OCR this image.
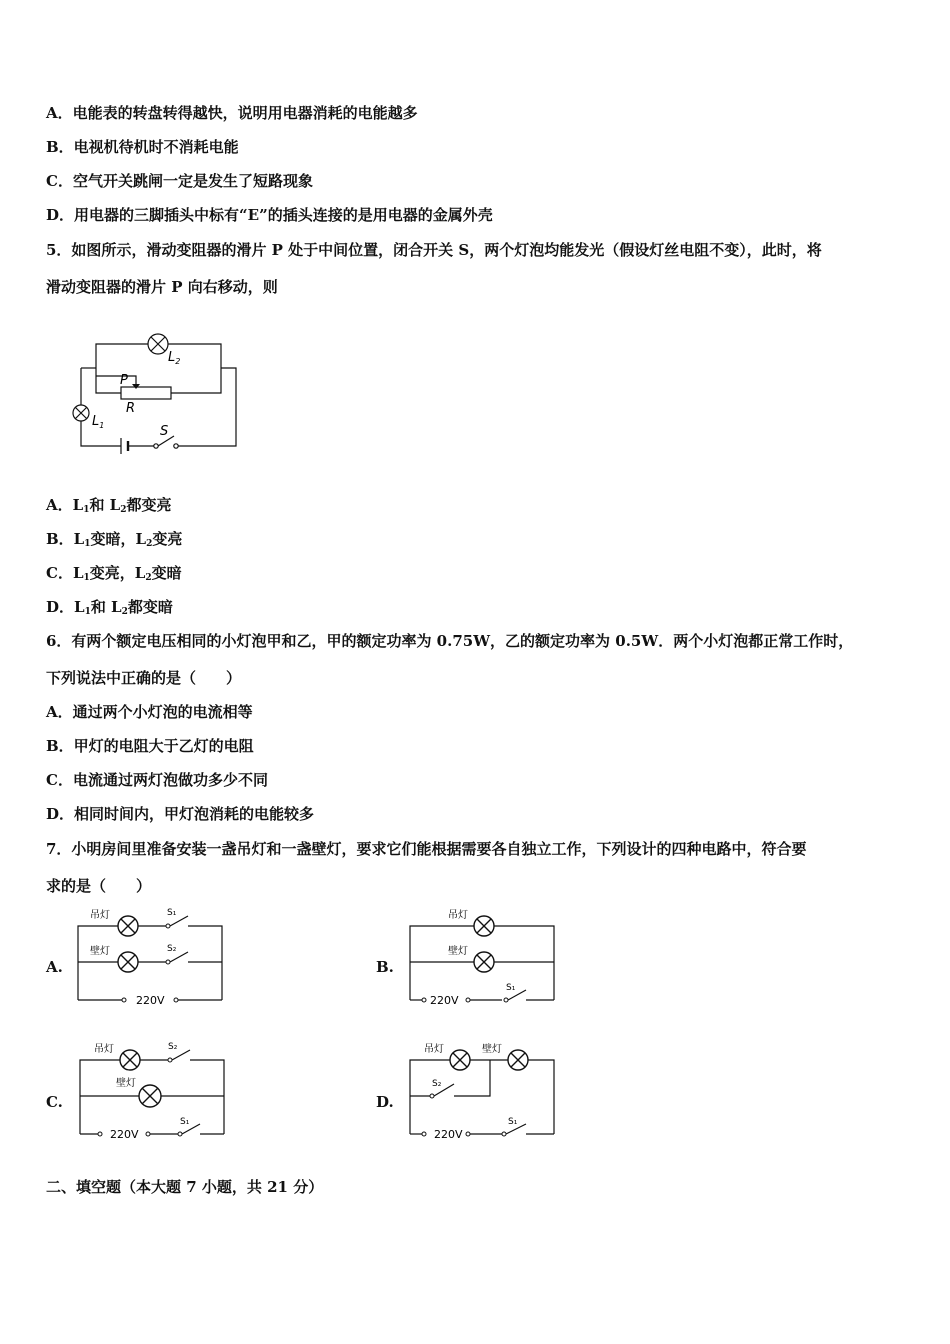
A．电能表的转盘转得越快，说明用电器消耗的电能越多
B．电视机待机时不消耗电能
C．空气开关跳闸一定是发生了短路现象
D．用电器的三脚插头中标有“E”的插头连接的是用电器的金属外壳
5．如图所示，滑动变阻器的滑片 P 处于中间位置，闭合开关 S，两个灯泡均能发光（假设灯丝电阻不变），此时，将
滑动变阻器的滑片 P 向右移动，则
$L_2$
$L_1$
P
R
S
A．$L_1$和 $L_2$都变亮
B．$L_1$变暗，$L_2$变亮
C．$L_1$变亮，$L_2$变暗
D．$L_1$和 $L_2$都变暗
6．有两个额定电压相同的小灯泡甲和乙，甲的额定功率为 0.75W，乙的额定功率为 0.5W．两个小灯泡都正常工作时，
下列说法中正确的是（　　）
A．通过两个小灯泡的电流相等
B．甲灯的电阻大于乙灯的电阻
C．电流通过两灯泡做功多少不同
D．相同时间内，甲灯泡消耗的电能较多
7．小明房间里准备安装一盏吊灯和一盏壁灯，要求它们能根据需要各自独立工作，下列设计的四种电路中，符合要
求的是（　　）
A.	B.
C.	D.
吊灯
壁灯
S₁
S₂
220V
吊灯
壁灯
S₁
220V
吊灯
壁灯
S₂
S₁
220V
吊灯	壁灯
S₂
S₁
220V
二、填空题（本大题 7 小题，共 21 分）
